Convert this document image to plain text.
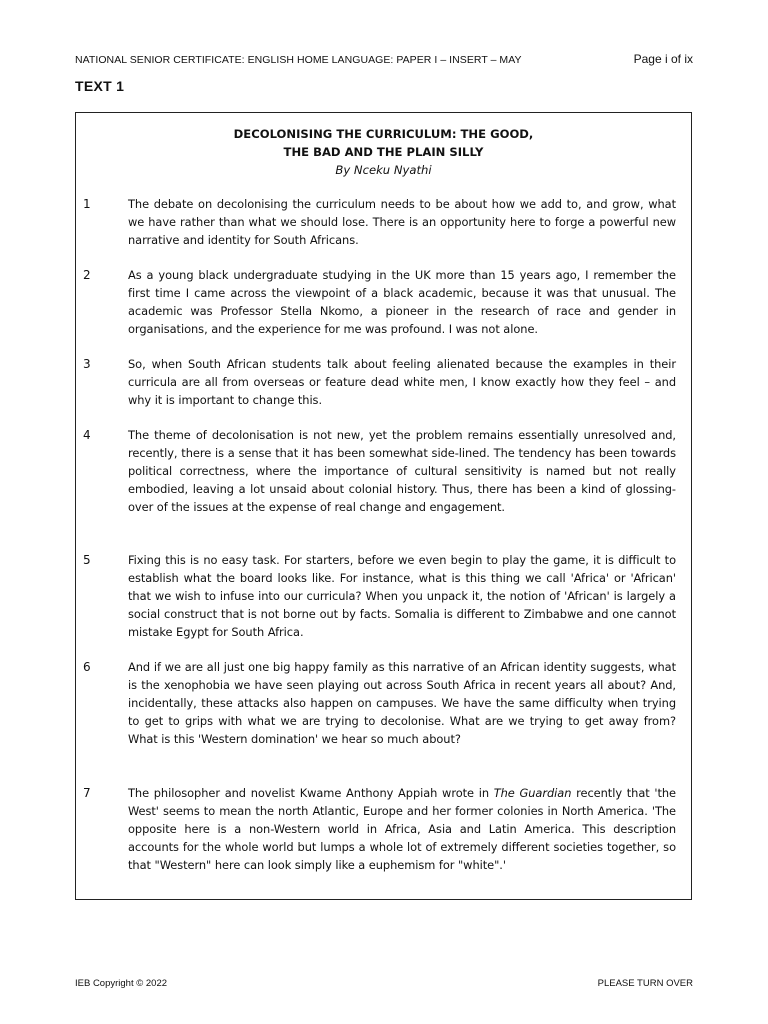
NATIONAL SENIOR CERTIFICATE: ENGLISH HOME LANGUAGE: PAPER I – INSERT – MAY	Page i of ix
TEXT 1
DECOLONISING THE CURRICULUM: THE GOOD,
THE BAD AND THE PLAIN SILLY
By Nceku Nyathi
1	The debate on decolonising the curriculum needs to be about how we add to, and grow, what we have rather than what we should lose. There is an opportunity here to forge a powerful new narrative and identity for South Africans.
2	As a young black undergraduate studying in the UK more than 15 years ago, I remember the first time I came across the viewpoint of a black academic, because it was that unusual. The academic was Professor Stella Nkomo, a pioneer in the research of race and gender in organisations, and the experience for me was profound. I was not alone.
3	So, when South African students talk about feeling alienated because the examples in their curricula are all from overseas or feature dead white men, I know exactly how they feel – and why it is important to change this.
4	The theme of decolonisation is not new, yet the problem remains essentially unresolved and, recently, there is a sense that it has been somewhat side-lined. The tendency has been towards political correctness, where the importance of cultural sensitivity is named but not really embodied, leaving a lot unsaid about colonial history. Thus, there has been a kind of glossing-over of the issues at the expense of real change and engagement.
5	Fixing this is no easy task. For starters, before we even begin to play the game, it is difficult to establish what the board looks like. For instance, what is this thing we call 'Africa' or 'African' that we wish to infuse into our curricula? When you unpack it, the notion of 'African' is largely a social construct that is not borne out by facts. Somalia is different to Zimbabwe and one cannot mistake Egypt for South Africa.
6	And if we are all just one big happy family as this narrative of an African identity suggests, what is the xenophobia we have seen playing out across South Africa in recent years all about? And, incidentally, these attacks also happen on campuses. We have the same difficulty when trying to get to grips with what we are trying to decolonise. What are we trying to get away from? What is this 'Western domination' we hear so much about?
7	The philosopher and novelist Kwame Anthony Appiah wrote in The Guardian recently that 'the West' seems to mean the north Atlantic, Europe and her former colonies in North America. 'The opposite here is a non-Western world in Africa, Asia and Latin America. This description accounts for the whole world but lumps a whole lot of extremely different societies together, so that "Western" here can look simply like a euphemism for "white".'
IEB Copyright © 2022	PLEASE TURN OVER
